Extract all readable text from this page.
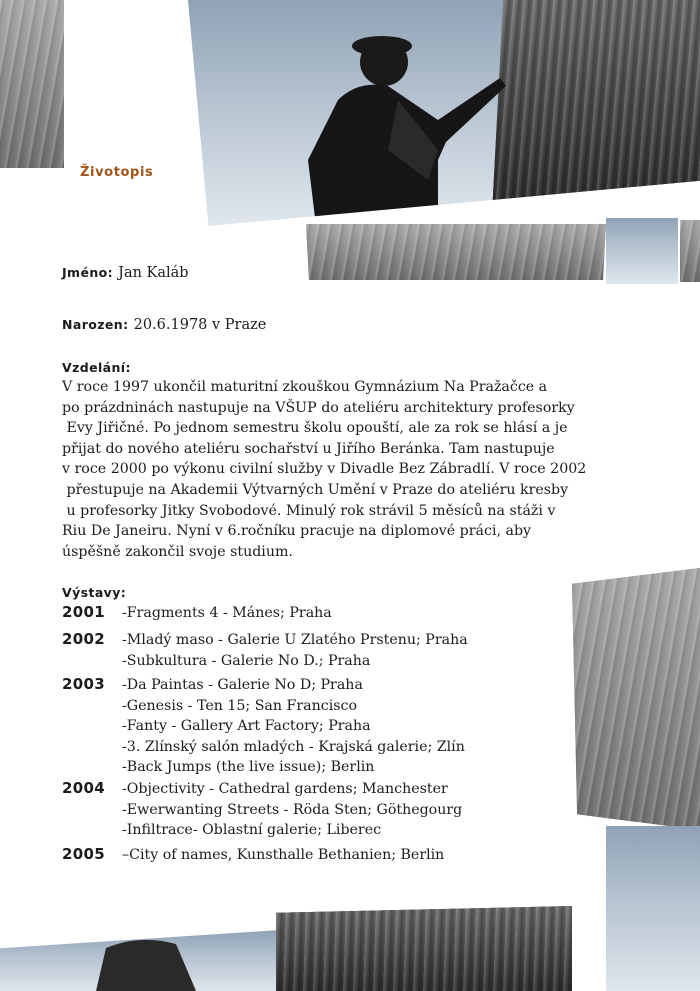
Životopis
Jméno: Jan Kaláb
Narozen: 20.6.1978 v Praze
Vzdelání:

V roce 1997 ukončil maturitní zkouškou Gymnázium Na Pražačce a

po prázdninách nastupuje na VŠUP do ateliéru architektury profesorky

Evy Jiřičné. Po jednom semestru školu opouští, ale za rok se hlásí a je

přijat do nového ateliéru sochařství u Jiřího Beránka. Tam nastupuje

v roce 2000 po výkonu civilní služby v Divadle Bez Zábradlí. V roce 2002

přestupuje na Akademii Výtvarných Umění v Praze do ateliéru kresby

u profesorky Jitky Svobodové. Minulý rok strávil 5 měsíců na stáži v

Riu De Janeiru. Nyní v 6.ročníku pracuje na diplomové práci, aby

úspěšně zakončil svoje studium.

Výstavy:
2001 -Fragments 4 - Mánes; Praha
2002 -Mladý maso - Galerie U Zlatého Prstenu; Praha
-Subkultura - Galerie No D.; Praha
2003 -Da Paintas - Galerie No D; Praha
-Genesis - Ten 15; San Francisco
-Fanty - Gallery Art Factory; Praha
-3. Zlínský salón mladých - Krajská galerie; Zlín
-Back Jumps (the live issue); Berlin
2004 -Objectivity - Cathedral gardens; Manchester
-Ewerwanting Streets - Röda Sten; Göthegourg
-Infiltrace- Oblastní galerie; Liberec
2005 –City of names, Kunsthalle Bethanien; Berlin
